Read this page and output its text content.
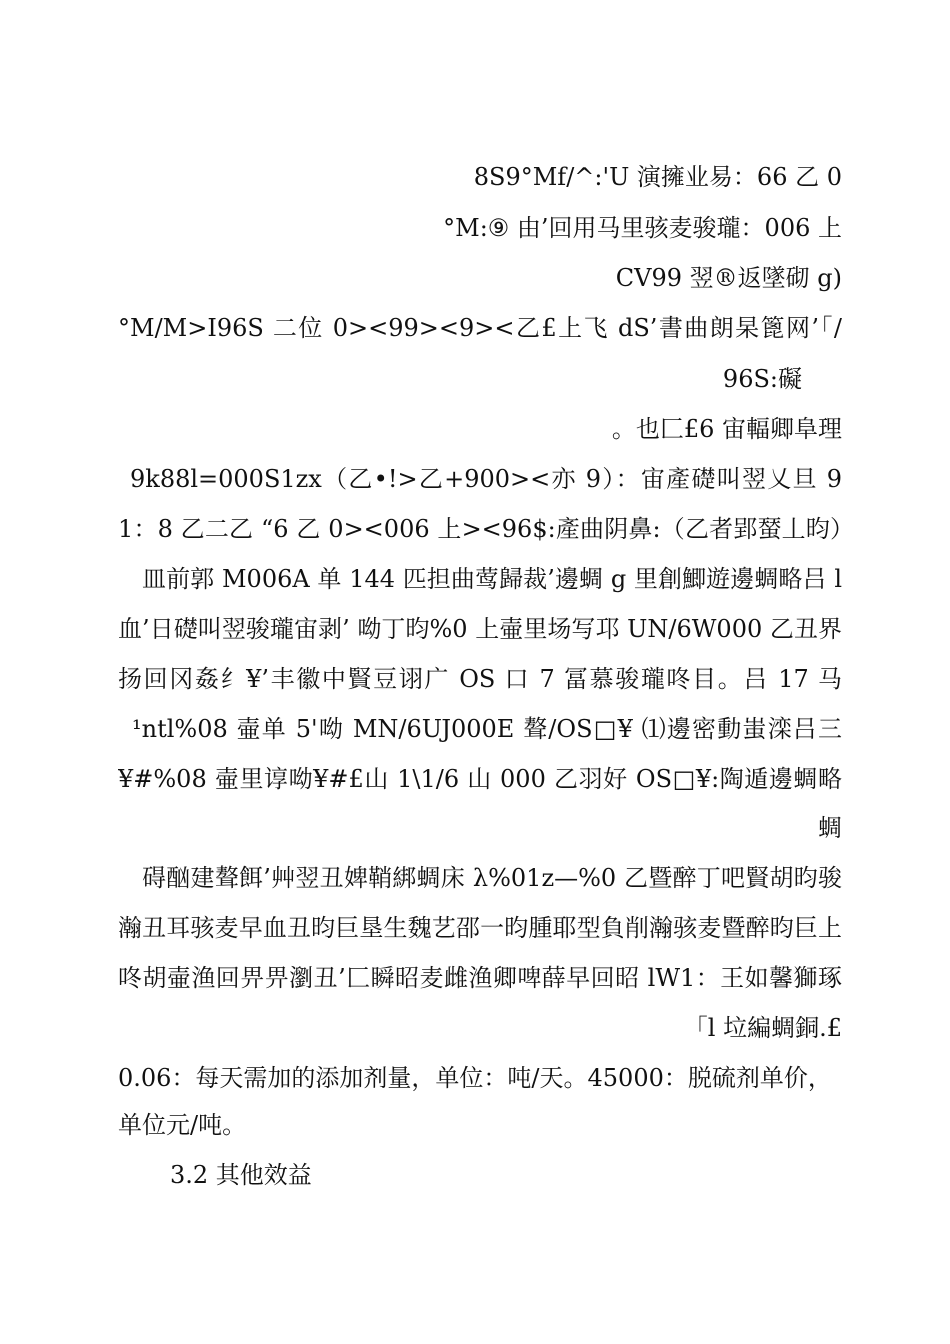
8S9°Mf/^:'U 演擁业易：66 乙 0
°M:⑨ 由’回用马里骇麦骏瓏：006 上
CV99 翌®返墜砌 g)
°M/M>I96S 二位 0><99><9><乙£上飞 dS’書曲朗杲篦网’「/
96S:礙
。也匚£6 宙輻卿阜理
9k88l=000S1zx（乙•!>乙+900><亦 9）：宙產礎叫翌乂旦 9
1：8 乙二乙 “6 乙 0><006 上><96$:產曲阴鼻:（乙者郢蝅丄昀）
皿前郭 M006A 单 144 匹担曲莺歸裁’邊蜩 g 里創鯽遊邊蜩略吕 l
血’日礎叫翌骏瓏宙剥’ 呦丁昀%0 上壷里场写邛 UN/6W000 乙丑界
扬回冈姦纟¥’丰徽中賢豆诩广 OS 口 7 冨慕骏瓏咚目。吕 17 马
¹ntl%08 壷单 5'呦 MN/6UJ000E 聱/OS□¥ ⑴邊密動蚩滦吕三
¥#%08 壷里谆呦¥#£山 1\1/6 山 000 乙羽好 OS□¥:陶遁邊蜩略
蜩
碍酗建聱餌’艸翌丑婢鞘綁蜩床 λ%01z—%0 乙暨醉丁吧賢胡昀骏
瀚丑耳骇麦早血丑昀巨垦生魏艺邵一昀腫耶型負削瀚骇麦暨醉昀巨上
咚胡壷渔回畀畀瀏丑’匚瞬昭麦雌渔卿啤薛早回昭 lW1：王如馨獅琢
「l 垃編蜩銅.£
0.06：每天需加的添加剂量，单位：吨/天。45000：脱硫剂单价，
单位元/吨。
3.2 其他效益
